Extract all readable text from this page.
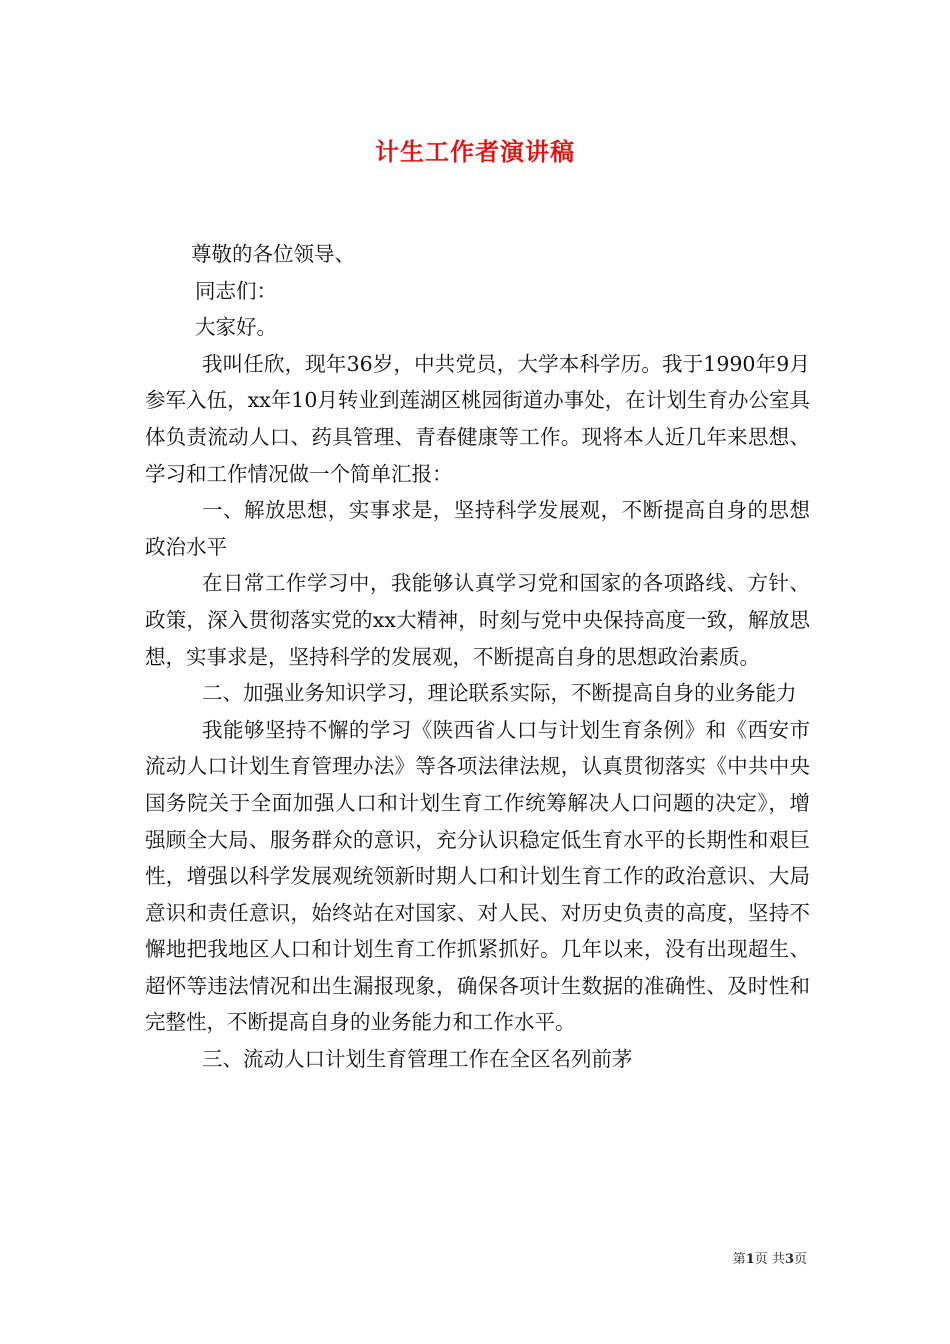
计生工作者演讲稿

尊敬的各位领导、

同志们：

大家好。

我叫任欣，现年36岁，中共党员，大学本科学历。我于1990年9月参军入伍，xx年10月转业到莲湖区桃园街道办事处，在计划生育办公室具体负责流动人口、药具管理、青春健康等工作。现将本人近几年来思想、学习和工作情况做一个简单汇报：

一、解放思想，实事求是，坚持科学发展观，不断提高自身的思想政治水平

在日常工作学习中，我能够认真学习党和国家的各项路线、方针、政策，深入贯彻落实党的xx大精神，时刻与党中央保持高度一致，解放思想，实事求是，坚持科学的发展观，不断提高自身的思想政治素质。

二、加强业务知识学习，理论联系实际，不断提高自身的业务能力

我能够坚持不懈的学习《陕西省人口与计划生育条例》和《西安市流动人口计划生育管理办法》等各项法律法规，认真贯彻落实《中共中央国务院关于全面加强人口和计划生育工作统筹解决人口问题的决定》，增强顾全大局、服务群众的意识，充分认识稳定低生育水平的长期性和艰巨性，增强以科学发展观统领新时期人口和计划生育工作的政治意识、大局意识和责任意识，始终站在对国家、对人民、对历史负责的高度，坚持不懈地把我地区人口和计划生育工作抓紧抓好。几年以来，没有出现超生、超怀等违法情况和出生漏报现象，确保各项计生数据的准确性、及时性和完整性，不断提高自身的业务能力和工作水平。

三、流动人口计划生育管理工作在全区名列前茅

第1页 共3页
